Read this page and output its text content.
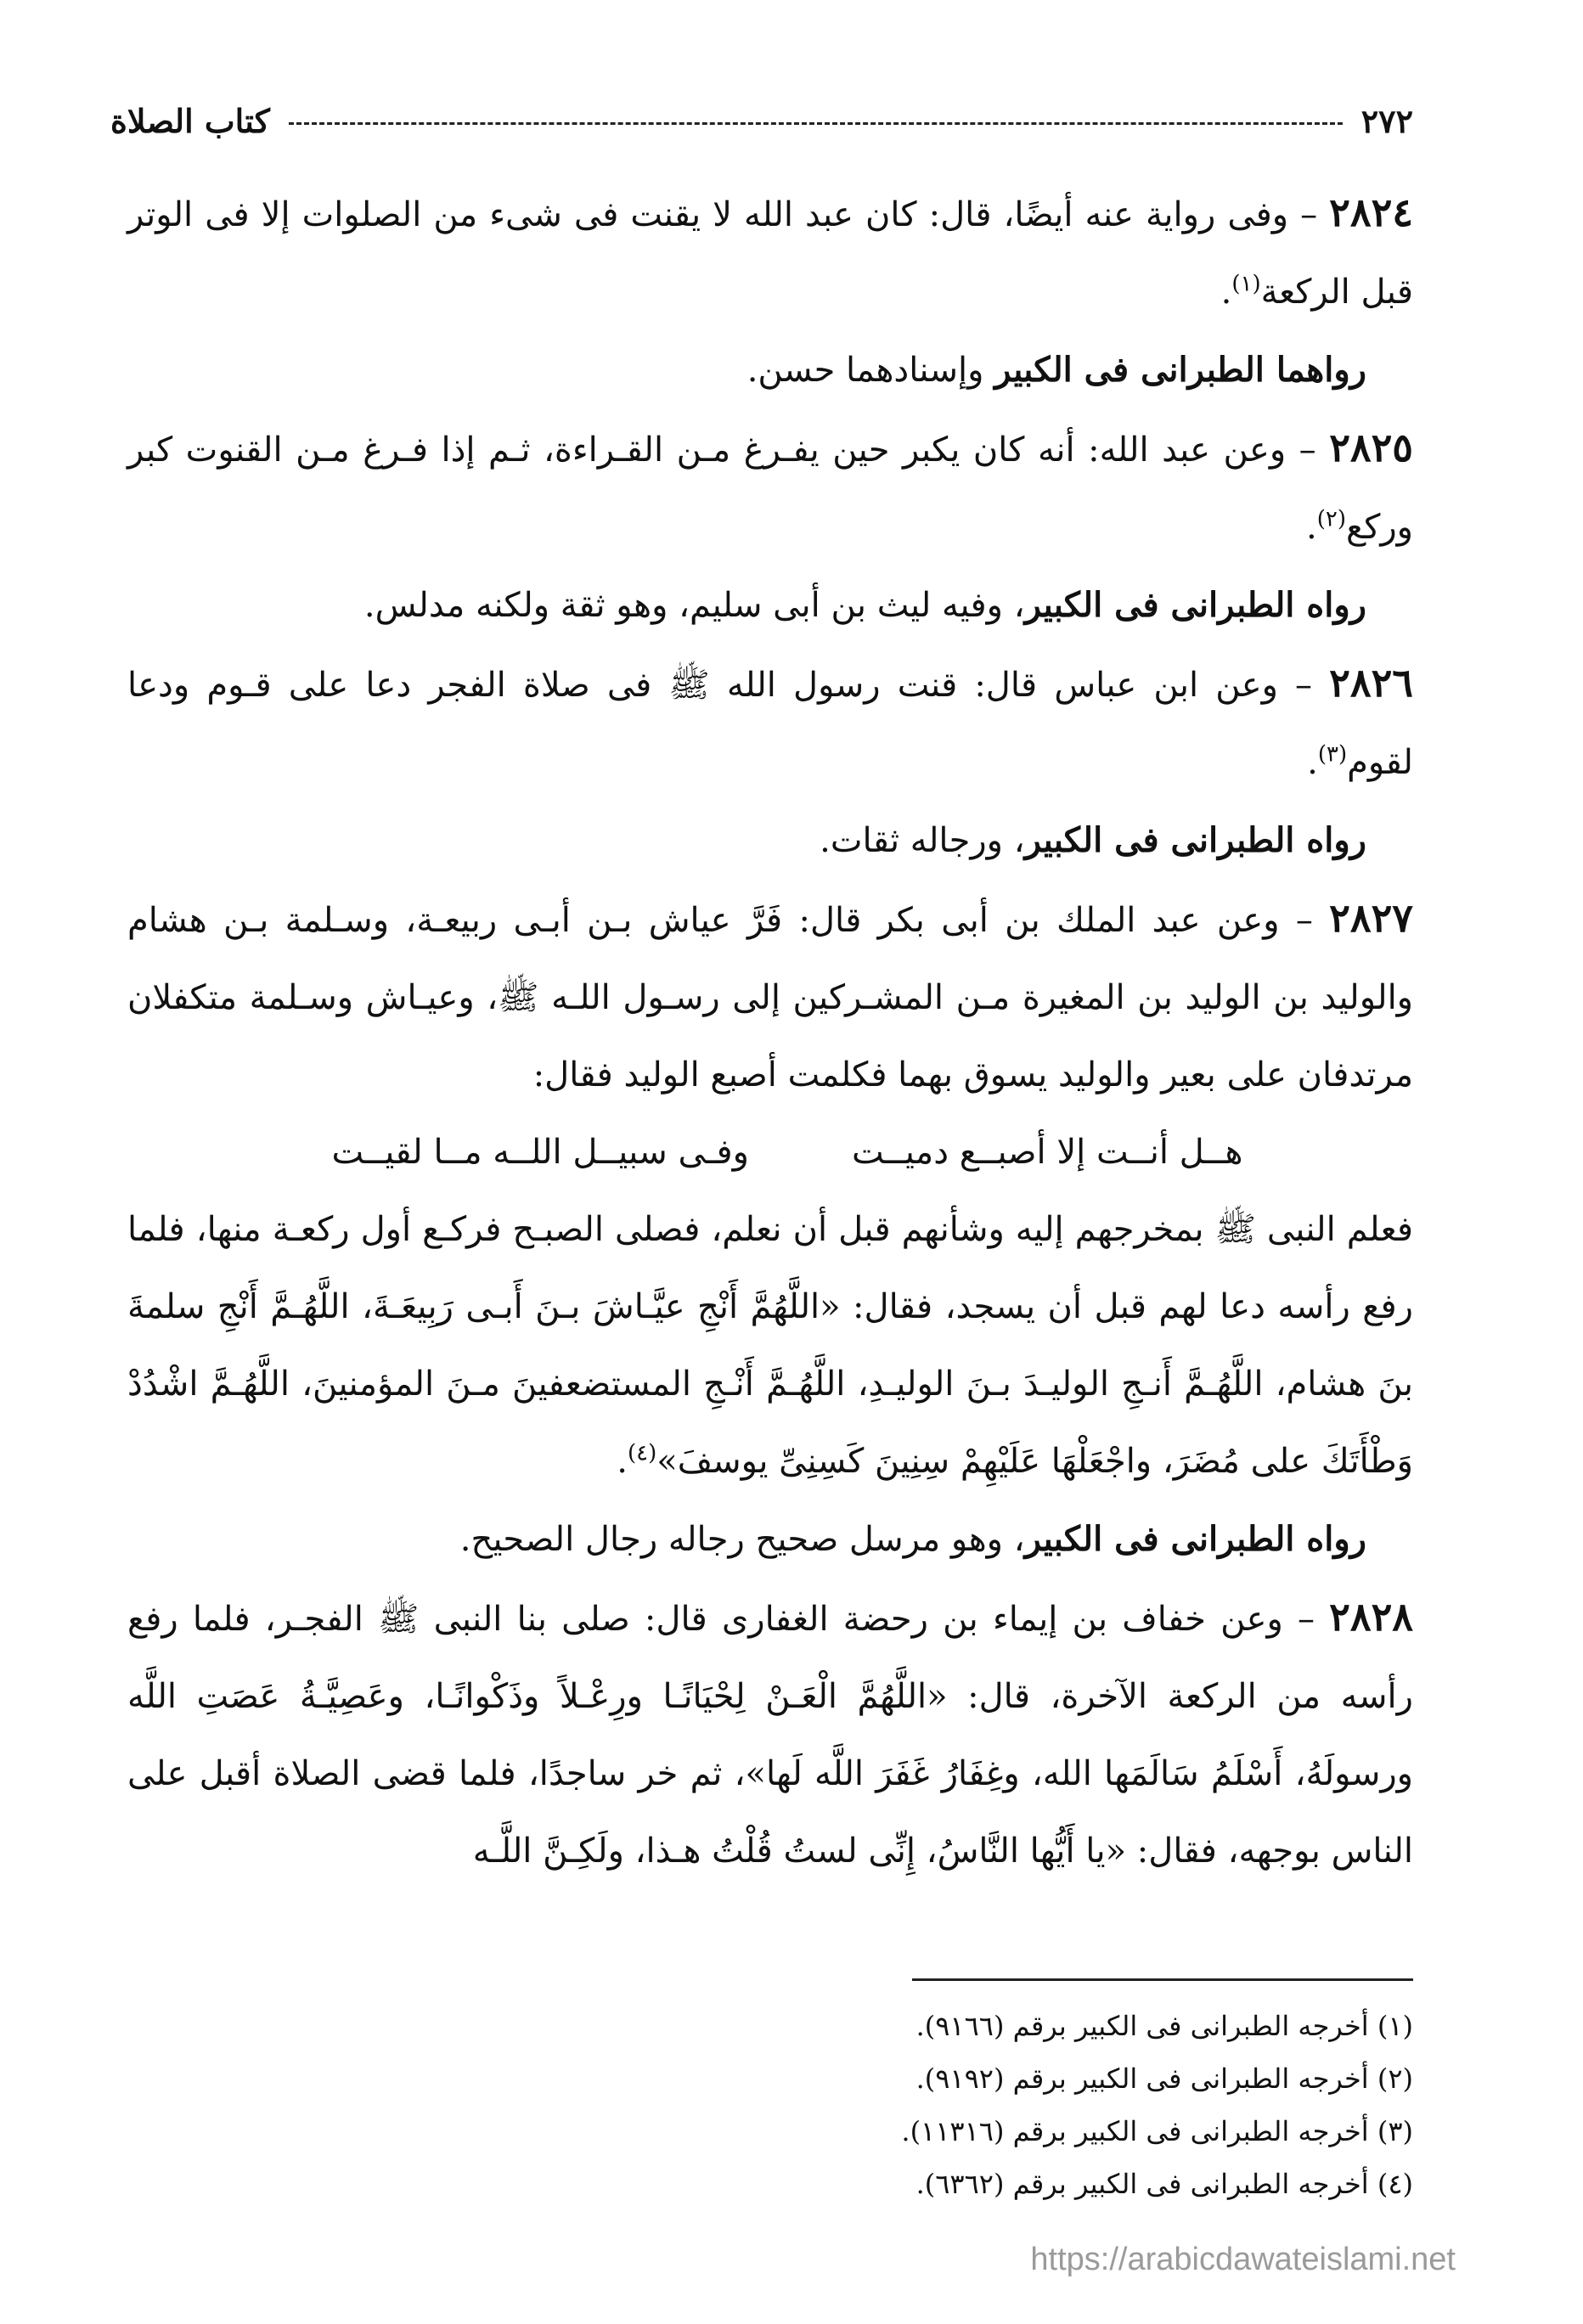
٢٧٢
كتاب الصلاة

٢٨٢٤ – وفى رواية عنه أيضًا، قال: كان عبد الله لا يقنت فى شىء من الصلوات إلا فى الوتر قبل الركعة$^{(١)}$.

رواهما الطبرانى فى الكبير وإسنادهما حسن.

٢٨٢٥ – وعن عبد الله: أنه كان يكبر حين يفـرغ مـن القـراءة، ثـم إذا فـرغ مـن القنوت كبر وركع$^{(٢)}$.

رواه الطبرانى فى الكبير، وفيه ليث بن أبى سليم، وهو ثقة ولكنه مدلس.

٢٨٢٦ – وعن ابن عباس قال: قنت رسول الله ﷺ فى صلاة الفجر دعا على قـوم ودعا لقوم$^{(٣)}$.

رواه الطبرانى فى الكبير، ورجاله ثقات.

٢٨٢٧ – وعن عبد الملك بن أبى بكر قال: فَرَّ عياش بـن أبـى ربيعـة، وسـلمة بـن هشام والوليد بن الوليد بن المغيرة مـن المشـركين إلى رسـول اللـه ﷺ، وعيـاش وسـلمة متكفلان مرتدفان على بعير والوليد يسوق بهما فكلمت أصبع الوليد فقال:

هــل أنــت إلا أصبــع دميــت
وفـى سبيــل اللــه مــا لقيــت

فعلم النبى ﷺ بمخرجهم إليه وشأنهم قبل أن نعلم، فصلى الصبـح فركـع أول ركعـة منها، فلما رفع رأسه دعا لهم قبل أن يسجد، فقال: «اللَّهُمَّ أَنْجِ عيَّـاشَ بـنَ أَبـى رَبِيعَـةَ، اللَّهُـمَّ أَنْجِ سلمةَ بنَ هشام، اللَّهُـمَّ أَنـجِ الوليـدَ بـنَ الوليـدِ، اللَّهُـمَّ أَنْـجِ المستضعفينَ مـنَ المؤمنينَ، اللَّهُـمَّ اشْدُدْ وَطْأَتَكَ على مُضَرَ، واجْعَلْهَا عَلَيْهِمْ سِنِينَ كَسِنِىِّ يوسفَ»$^{(٤)}$.

رواه الطبرانى فى الكبير، وهو مرسل صحيح رجاله رجال الصحيح.

٢٨٢٨ – وعن خفاف بن إيماء بن رحضة الغفارى قال: صلى بنا النبى ﷺ الفجـر، فلما رفع رأسه من الركعة الآخرة، قال: «اللَّهُمَّ الْعَـنْ لِحْيَانًـا ورِعْـلاً وذَكْوانًـا، وعَصِيَّـةُ عَصَتِ اللَّه ورسولَهُ، أَسْلَمُ سَالَمَها الله، وغِفَارُ غَفَرَ اللَّه لَها»، ثم خر ساجدًا، فلما قضى الصلاة أقبل على الناس بوجهه، فقال: «يا أَيُّها النَّاسُ، إِنِّى لستُ قُلْتُ هـذا، ولَكِـنَّ اللَّـه

(١) أخرجه الطبرانى فى الكبير برقم (٩١٦٦).

(٢) أخرجه الطبرانى فى الكبير برقم (٩١٩٢).

(٣) أخرجه الطبرانى فى الكبير برقم (١١٣١٦).

(٤) أخرجه الطبرانى فى الكبير برقم (٦٣٦٢).

https://arabicdawateislami.net
